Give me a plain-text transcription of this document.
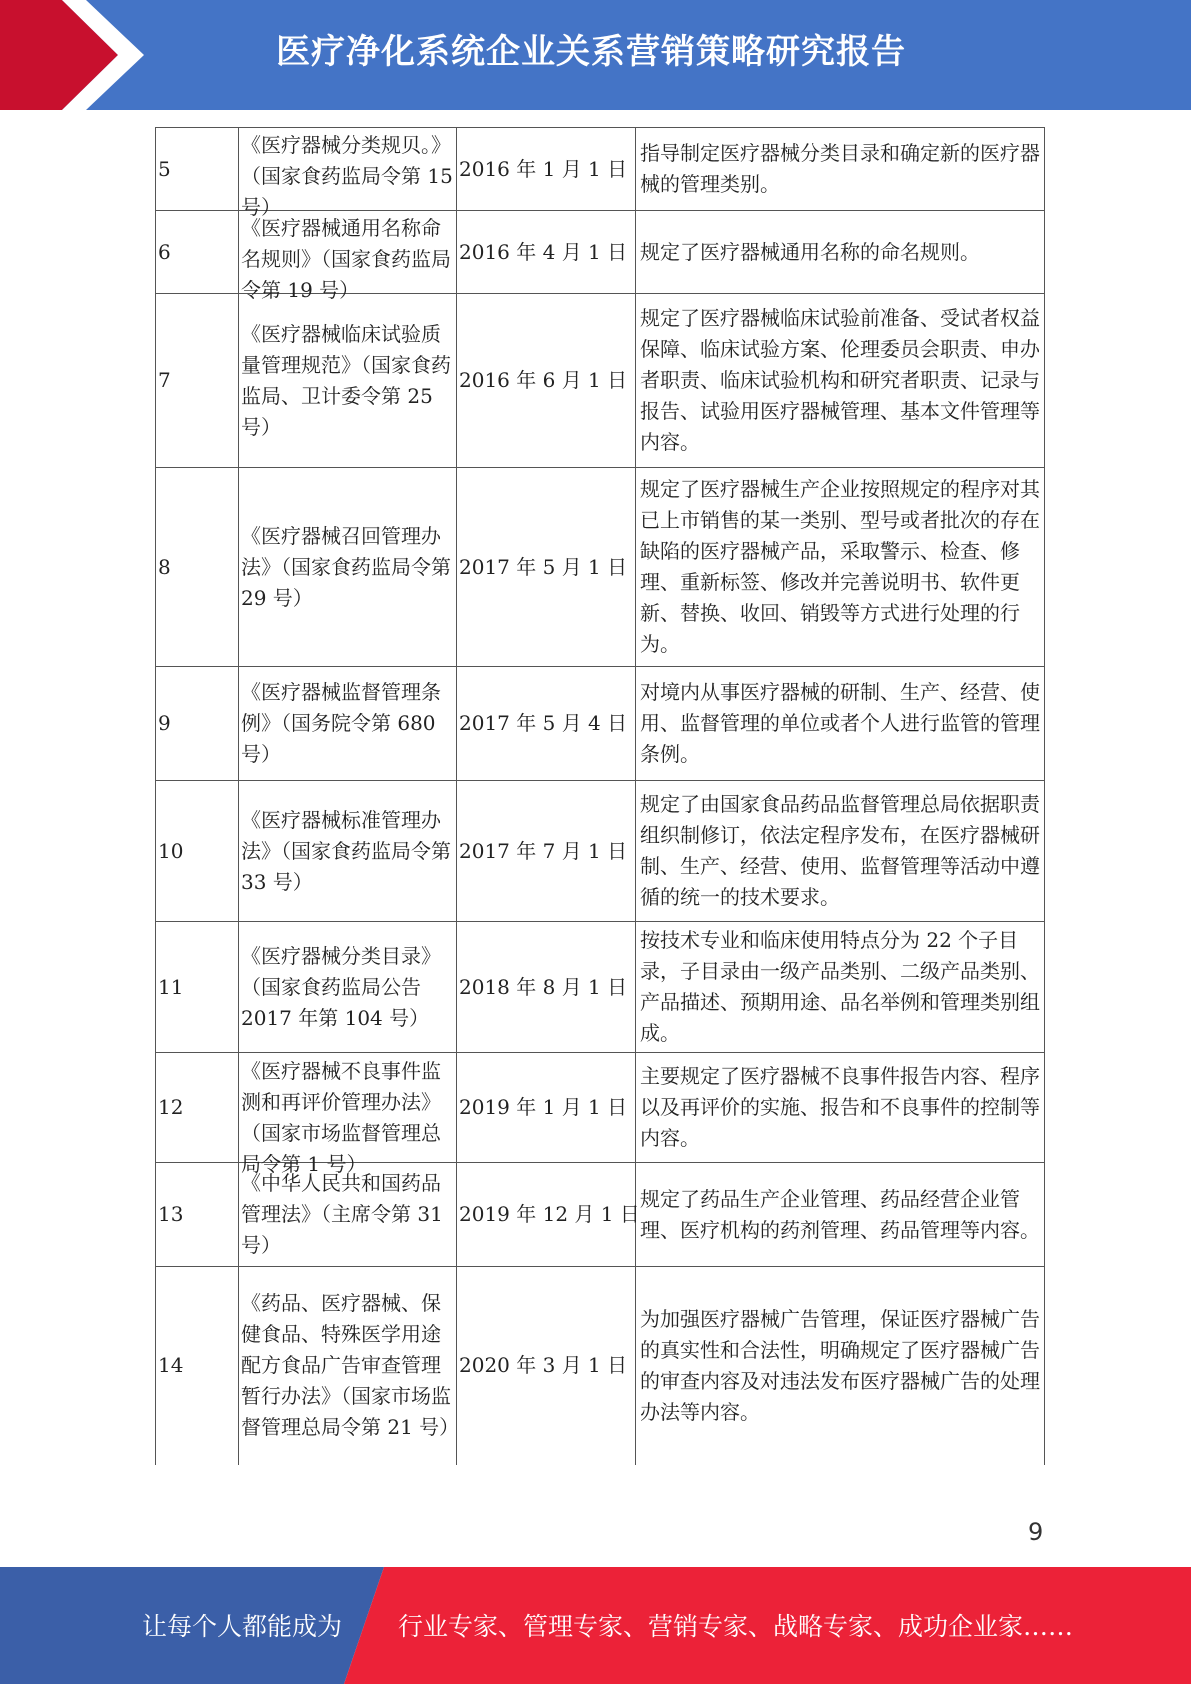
医疗净化系统企业关系营销策略研究报告
5	《医疗器械分类规贝。》（国家食药监局令第 15 号）	2016 年 1 月 1 日	指导制定医疗器械分类目录和确定新的医疗器械的管理类别。
6	《医疗器械通用名称命名规则》（国家食药监局令第 19 号）	2016 年 4 月 1 日	规定了医疗器械通用名称的命名规则。
7	《医疗器械临床试验质量管理规范》（国家食药监局、卫计委令第 25 号）	2016 年 6 月 1 日	规定了医疗器械临床试验前准备、受试者权益保障、临床试验方案、伦理委员会职责、申办者职责、临床试验机构和研究者职责、记录与报告、试验用医疗器械管理、基本文件管理等内容。
8	《医疗器械召回管理办法》（国家食药监局令第 29 号）	2017 年 5 月 1 日	规定了医疗器械生产企业按照规定的程序对其已上市销售的某一类别、型号或者批次的存在缺陷的医疗器械产品，采取警示、检查、修理、重新标签、修改并完善说明书、软件更新、替换、收回、销毁等方式进行处理的行为。
9	《医疗器械监督管理条例》（国务院令第 680 号）	2017 年 5 月 4 日	对境内从事医疗器械的研制、生产、经营、使用、监督管理的单位或者个人进行监管的管理条例。
10	《医疗器械标准管理办法》（国家食药监局令第 33 号）	2017 年 7 月 1 日	规定了由国家食品药品监督管理总局依据职责组织制修订，依法定程序发布，在医疗器械研制、生产、经营、使用、监督管理等活动中遵循的统一的技术要求。
11	《医疗器械分类目录》（国家食药监局公告 2017 年第 104 号）	2018 年 8 月 1 日	按技术专业和临床使用特点分为 22 个子目录，子目录由一级产品类别、二级产品类别、产品描述、预期用途、品名举例和管理类别组成。
12	《医疗器械不良事件监测和再评价管理办法》（国家市场监督管理总局令第 1 号）	2019 年 1 月 1 日	主要规定了医疗器械不良事件报告内容、程序以及再评价的实施、报告和不良事件的控制等内容。
13	《中华人民共和国药品管理法》（主席令第 31 号）	2019 年 12 月 1 日	规定了药品生产企业管理、药品经营企业管理、医疗机构的药剂管理、药品管理等内容。
14	《药品、医疗器械、保健食品、特殊医学用途配方食品广告审查管理暂行办法》（国家市场监督管理总局令第 21 号）	2020 年 3 月 1 日	为加强医疗器械广告管理，保证医疗器械广告的真实性和合法性，明确规定了医疗器械广告的审查内容及对违法发布医疗器械广告的处理办法等内容。
9
让每个人都能成为 行业专家、管理专家、营销专家、战略专家、成功企业家……
